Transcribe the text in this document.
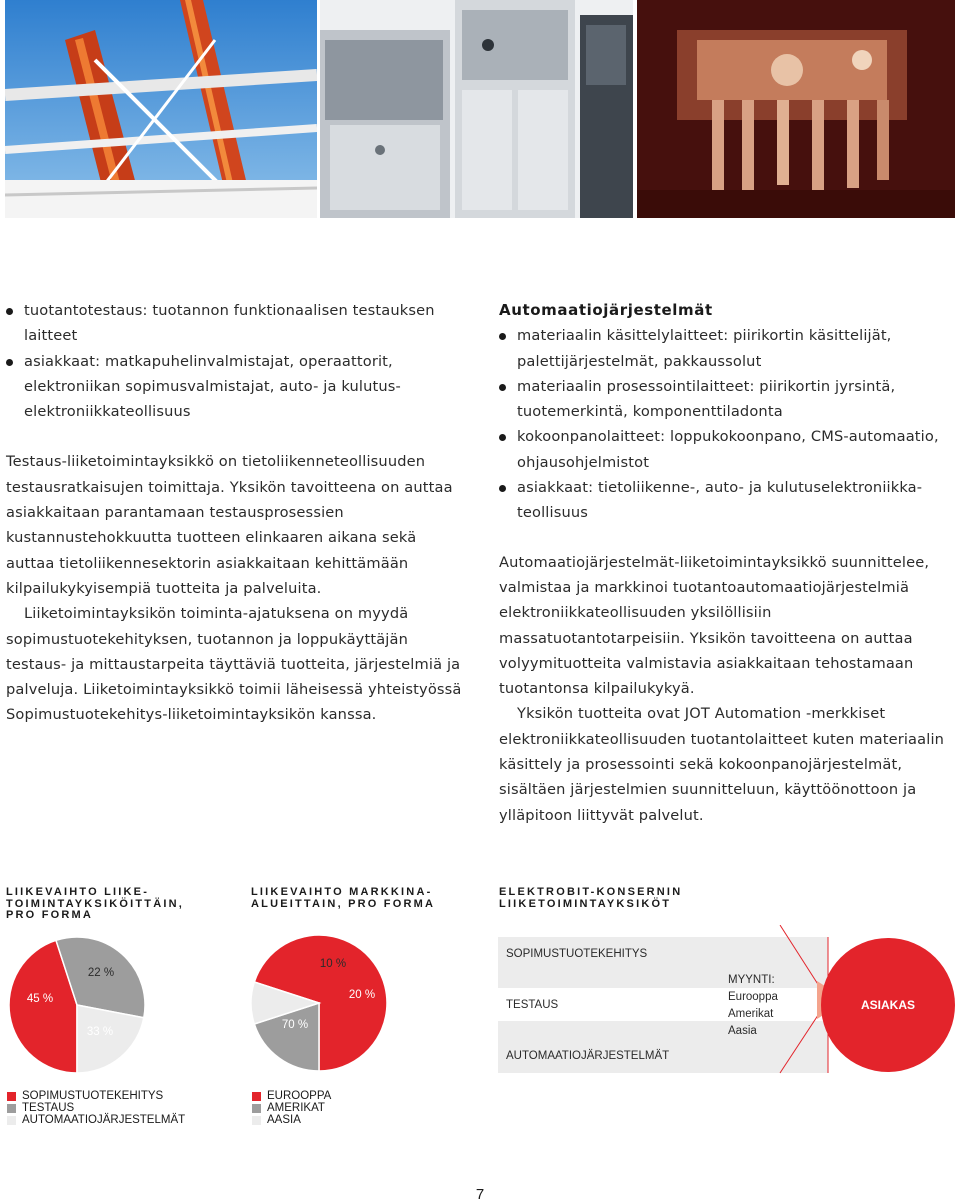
tuotantotestaus: tuotannon funktionaalisen testauksen laitteet
asiakkaat: matkapuhelinvalmistajat, operaattorit, elektroniikan sopimusvalmistajat, auto- ja kulutus-elektroniikkateollisuus

Testaus-liiketoimintayksikkö on tietoliikenneteollisuuden testausratkaisujen toimittaja. Yksikön tavoitteena on auttaa asiakkaitaan parantamaan testausprosessien kustannustehokkuutta tuotteen elinkaaren aikana sekä auttaa tietoliikennesektorin asiakkaitaan kehittämään kilpailukykyisempiä tuotteita ja palveluita.

Liiketoimintayksikön toiminta-ajatuksena on myydä sopimustuotekehityksen, tuotannon ja loppukäyttäjän testaus- ja mittaustarpeita täyttäviä tuotteita, järjestelmiä ja palveluja. Liiketoimintayksikkö toimii läheisessä yhteistyössä Sopimustuotekehitys-liiketoimintayksikön kanssa.

Automaatiojärjestelmät
materiaalin käsittelylaitteet: piirikortin käsittelijät, palettijärjestelmät, pakkaussolut
materiaalin prosessointilaitteet: piirikortin jyrsintä, tuotemerkintä, komponenttiladonta
kokoonpanolaitteet: loppukokoonpano, CMS-automaatio, ohjausohjelmistot
asiakkaat: tietoliikenne-, auto- ja kulutuselektroniikka-teollisuus

Automaatiojärjestelmät-liiketoimintayksikkö suunnittelee, valmistaa ja markkinoi tuotantoautomaatiojärjestelmiä elektroniikkateollisuuden yksilöllisiin massatuotantotarpeisiin. Yksikön tavoitteena on auttaa volyymituotteita valmistavia asiakkaitaan tehostamaan tuotantonsa kilpailukykyä.

Yksikön tuotteita ovat JOT Automation -merkkiset elektroniikkateollisuuden tuotantolaitteet kuten materiaalin käsittely ja prosessointi sekä kokoonpanojärjestelmät, sisältäen järjestelmien suunnitteluun, käyttöönottoon ja ylläpitoon liittyvät palvelut.

LIIKEVAIHTO LIIKE-TOIMINTAYKSIKÖITTÄIN, PRO FORMA
LIIKEVAIHTO MARKKINA-ALUEITTAIN, PRO FORMA
ELEKTROBIT-KONSERNIN LIIKETOIMINTAYKSIKÖT
45 %
33 %
22 %
70 %
20 %
10 %
SOPIMUSTUOTEKEHITYS
TESTAUS
AUTOMAATIOJÄRJESTELMÄT
MYYNTI:
Eurooppa
Amerikat
Aasia
ASIAKAS
SOPIMUSTUOTEKEHITYS
TESTAUS
AUTOMAATIOJÄRJESTELMÄT
EUROOPPA
AMERIKAT
AASIA
7
